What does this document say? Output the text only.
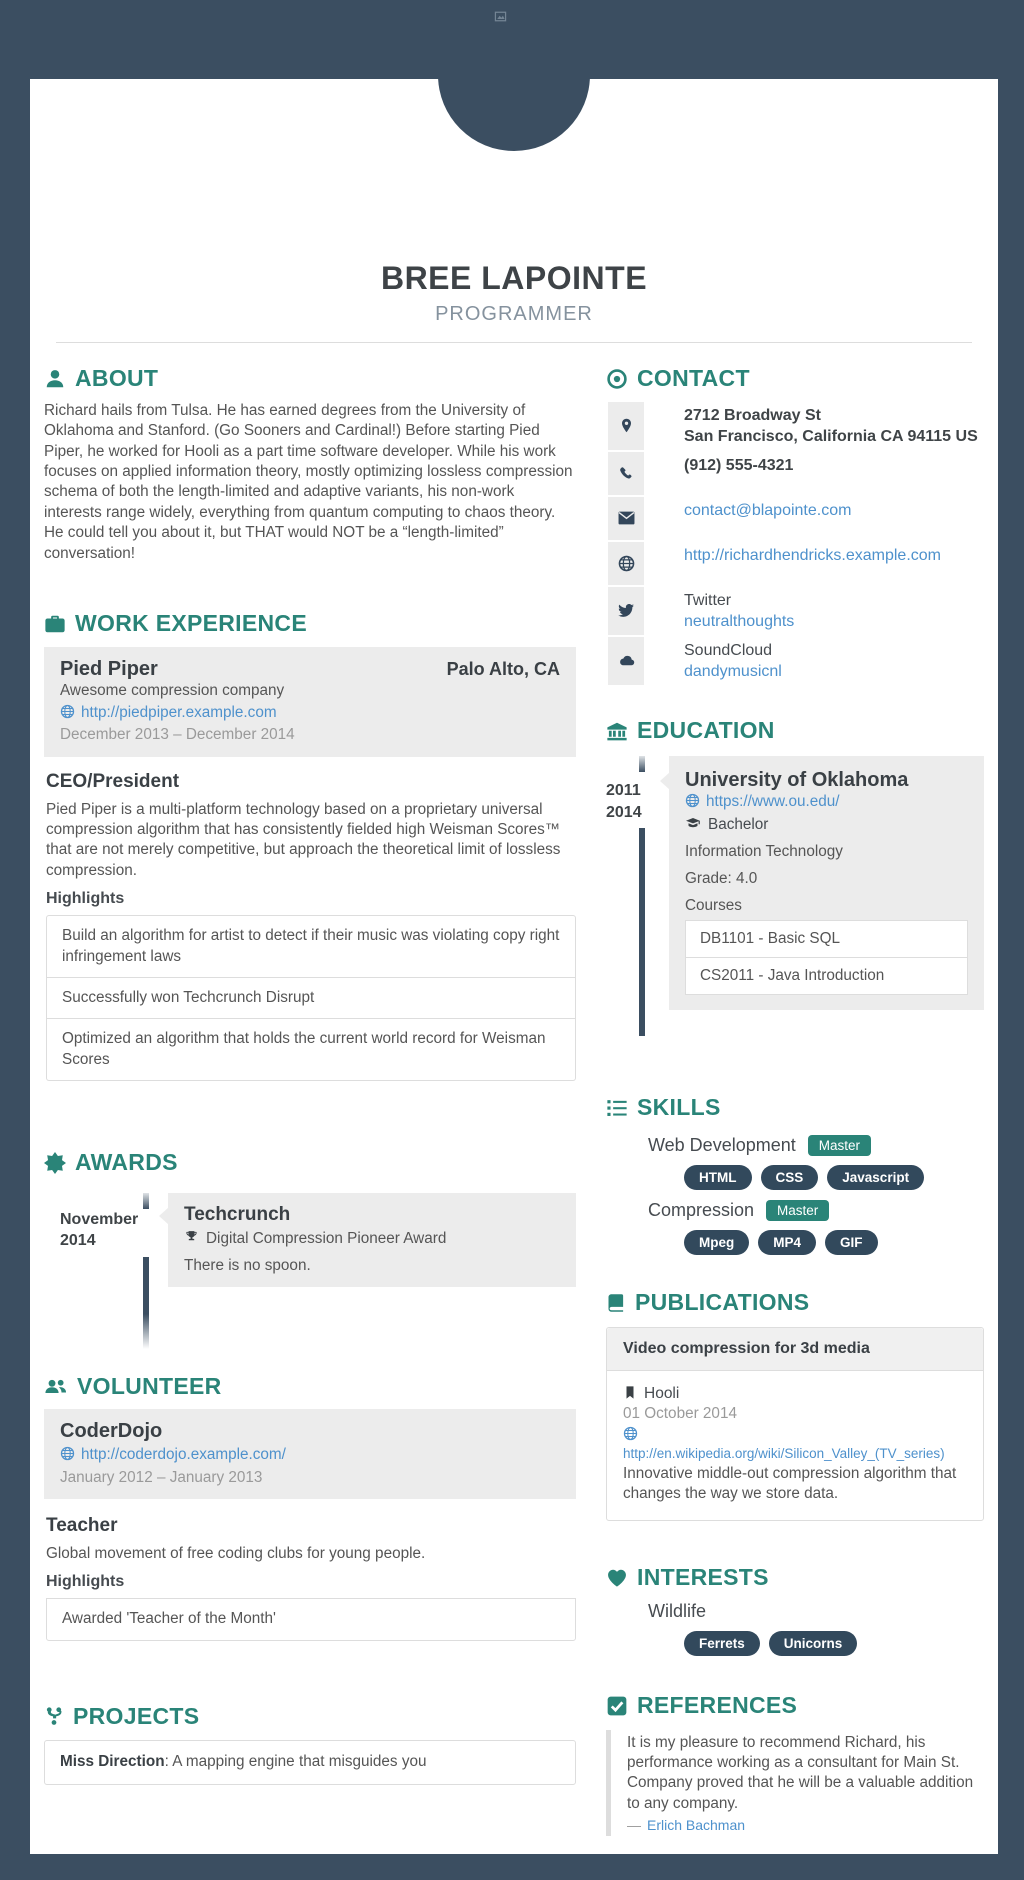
BREE LAPOINTE
PROGRAMMER
ABOUT

Richard hails from Tulsa. He has earned degrees from the University of Oklahoma and Stanford. (Go Sooners and Cardinal!) Before starting Pied Piper, he worked for Hooli as a part time software developer. While his work focuses on applied information theory, mostly optimizing lossless compression schema of both the length-limited and adaptive variants, his non-work interests range widely, everything from quantum computing to chaos theory. He could tell you about it, but THAT would NOT be a “length-limited” conversation!

WORK EXPERIENCE
Pied Piper	Palo Alto, CA
Awesome compression company
http://piedpiper.example.com
December 2013 – December 2014
CEO/President

Pied Piper is a multi-platform technology based on a proprietary universal compression algorithm that has consistently fielded high Weisman Scores™ that are not merely competitive, but approach the theoretical limit of lossless compression.

Highlights
Build an algorithm for artist to detect if their music was violating copy right infringement laws
Successfully won Techcrunch Disrupt
Optimized an algorithm that holds the current world record for Weisman Scores
AWARDS
November
2014
Techcrunch
Digital Compression Pioneer Award

There is no spoon.

VOLUNTEER
CoderDojo
http://coderdojo.example.com/
January 2012 – January 2013
Teacher

Global movement of free coding clubs for young people.

Highlights
Awarded 'Teacher of the Month'
PROJECTS
Miss Direction: A mapping engine that misguides you
CONTACT
2712 Broadway St
San Francisco, California CA 94115 US
(912) 555-4321
contact@blapointe.com
http://richardhendricks.example.com
Twitter
neutralthoughts
SoundCloud
dandymusicnl
EDUCATION
2011
2014
University of Oklahoma
https://www.ou.edu/
Bachelor
Information Technology
Grade: 4.0
Courses
DB1101 - Basic SQL
CS2011 - Java Introduction
SKILLS
Web Development	Master
HTML	CSS	Javascript
Compression	Master
Mpeg	MP4	GIF
PUBLICATIONS
Video compression for 3d media
Hooli
01 October 2014
http://en.wikipedia.org/wiki/Silicon_Valley_(TV_series)

Innovative middle-out compression algorithm that changes the way we store data.

INTERESTS
Wildlife
Ferrets	Unicorns
REFERENCES

It is my pleasure to recommend Richard, his performance working as a consultant for Main St. Company proved that he will be a valuable addition to any company.

— Erlich Bachman
